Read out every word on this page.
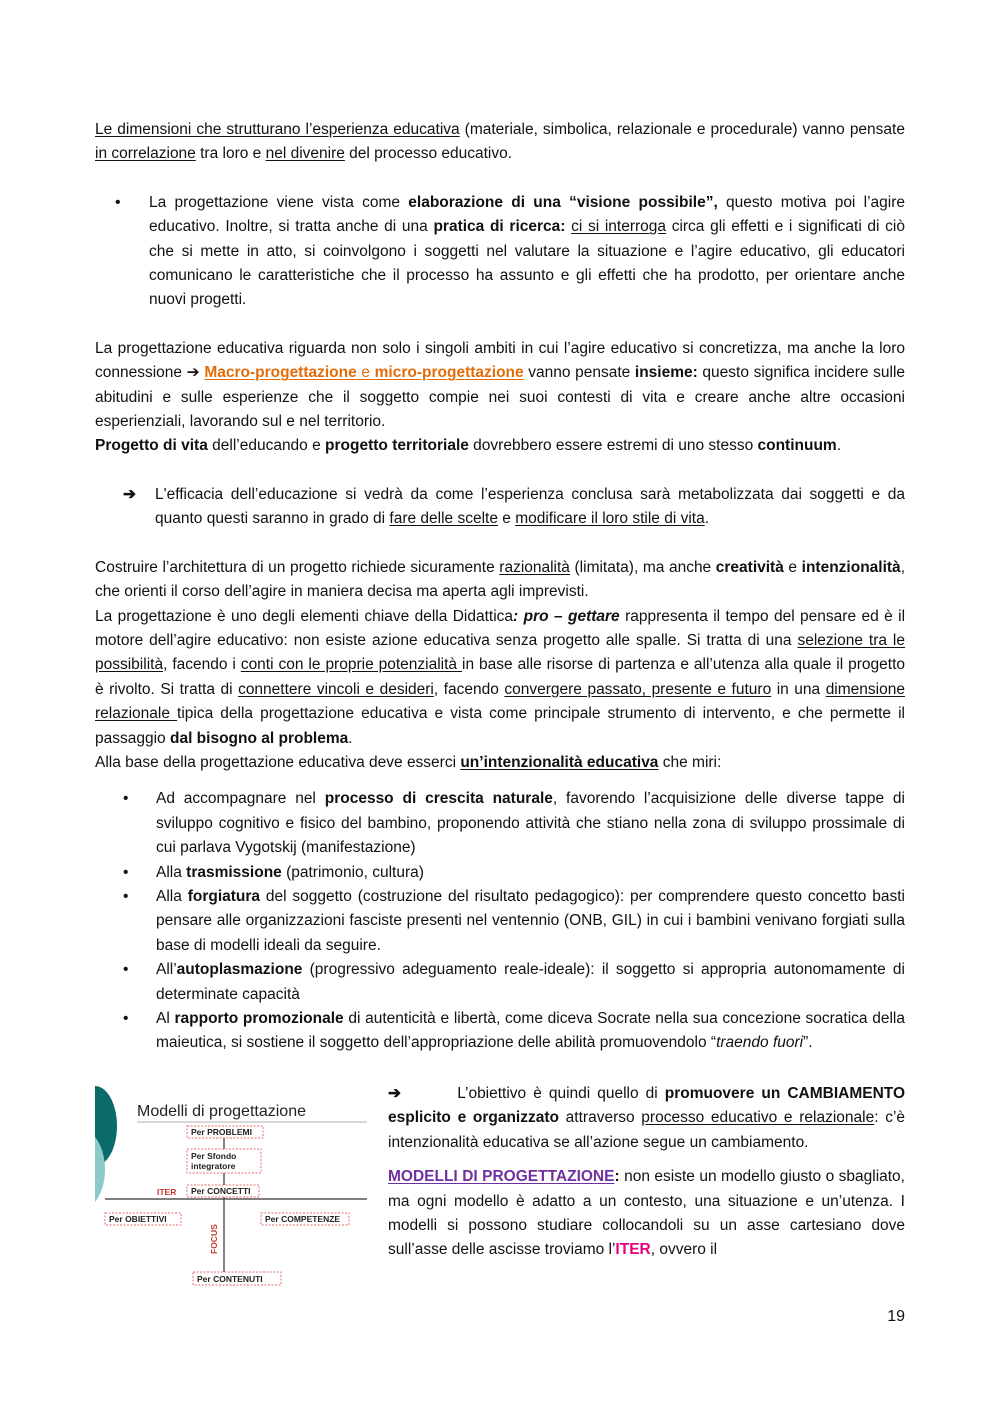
Le dimensioni che strutturano l’esperienza educativa (materiale, simbolica, relazionale e procedurale) vanno pensate in correlazione tra loro e nel divenire del processo educativo.

•	La progettazione viene vista come elaborazione di una “visione possibile”, questo motiva poi l’agire educativo. Inoltre, si tratta anche di una pratica di ricerca: ci si interroga circa gli effetti e i significati di ciò che si mette in atto, si coinvolgono i soggetti nel valutare la situazione e l’agire educativo, gli educatori comunicano le caratteristiche che il processo ha assunto e gli effetti che ha prodotto, per orientare anche nuovi progetti.

La progettazione educativa riguarda non solo i singoli ambiti in cui l’agire educativo si concretizza, ma anche la loro connessione ➔ Macro-progettazione e micro-progettazione vanno pensate insieme: questo significa incidere sulle abitudini e sulle esperienze che il soggetto compie nei suoi contesti di vita e creare anche altre occasioni esperienziali, lavorando sul e nel territorio.

Progetto di vita dell’educando e progetto territoriale dovrebbero essere estremi di uno stesso continuum.

➔	L'efficacia dell’educazione si vedrà da come l’esperienza conclusa sarà metabolizzata dai soggetti e da quanto questi saranno in grado di fare delle scelte e modificare il loro stile di vita.

Costruire l’architettura di un progetto richiede sicuramente razionalità (limitata), ma anche creatività e intenzionalità, che orienti il corso dell’agire in maniera decisa ma aperta agli imprevisti.

La progettazione è uno degli elementi chiave della Didattica: pro – gettare rappresenta il tempo del pensare ed è il motore dell’agire educativo: non esiste azione educativa senza progetto alle spalle. Si tratta di una selezione tra le possibilità, facendo i conti con le proprie potenzialità in base alle risorse di partenza e all’utenza alla quale il progetto è rivolto. Si tratta di connettere vincoli e desideri, facendo convergere passato, presente e futuro in una dimensione relazionale tipica della progettazione educativa e vista come principale strumento di intervento, e che permette il passaggio dal bisogno al problema.

Alla base della progettazione educativa deve esserci un’intenzionalità educativa che miri:

•	Ad accompagnare nel processo di crescita naturale, favorendo l’acquisizione delle diverse tappe di sviluppo cognitivo e fisico del bambino, proponendo attività che stiano nella zona di sviluppo prossimale di cui parlava Vygotskij (manifestazione)
•	Alla trasmissione (patrimonio, cultura)
•	Alla forgiatura del soggetto (costruzione del risultato pedagogico): per comprendere questo concetto basti pensare alle organizzazioni fasciste presenti nel ventennio (ONB, GIL) in cui i bambini venivano forgiati sulla base di modelli ideali da seguire.
•	All’autoplasmazione (progressivo adeguamento reale-ideale): il soggetto si appropria autonomamente di determinate capacità
•	Al rapporto promozionale di autenticità e libertà, come diceva Socrate nella sua concezione socratica della maieutica, si sostiene il soggetto dell’appropriazione delle abilità promuovendolo “traendo fuori”.
Modelli di progettazione
Per PROBLEMI
Per Sfondo
integratore
ITER Per CONCETTI
Per OBIETTIVI	Per COMPETENZE
FOCUS
Per CONTENUTI

➔	L’obiettivo è quindi quello di promuovere un CAMBIAMENTO esplicito e organizzato attraverso processo educativo e relazionale: c’è intenzionalità educativa se all’azione segue un cambiamento.

MODELLI DI PROGETTAZIONE: non esiste un modello giusto o sbagliato, ma ogni modello è adatto a un contesto, una situazione e un’utenza. I modelli si possono studiare collocandoli su un asse cartesiano dove sull’asse delle ascisse troviamo l’ITER, ovvero il

19
